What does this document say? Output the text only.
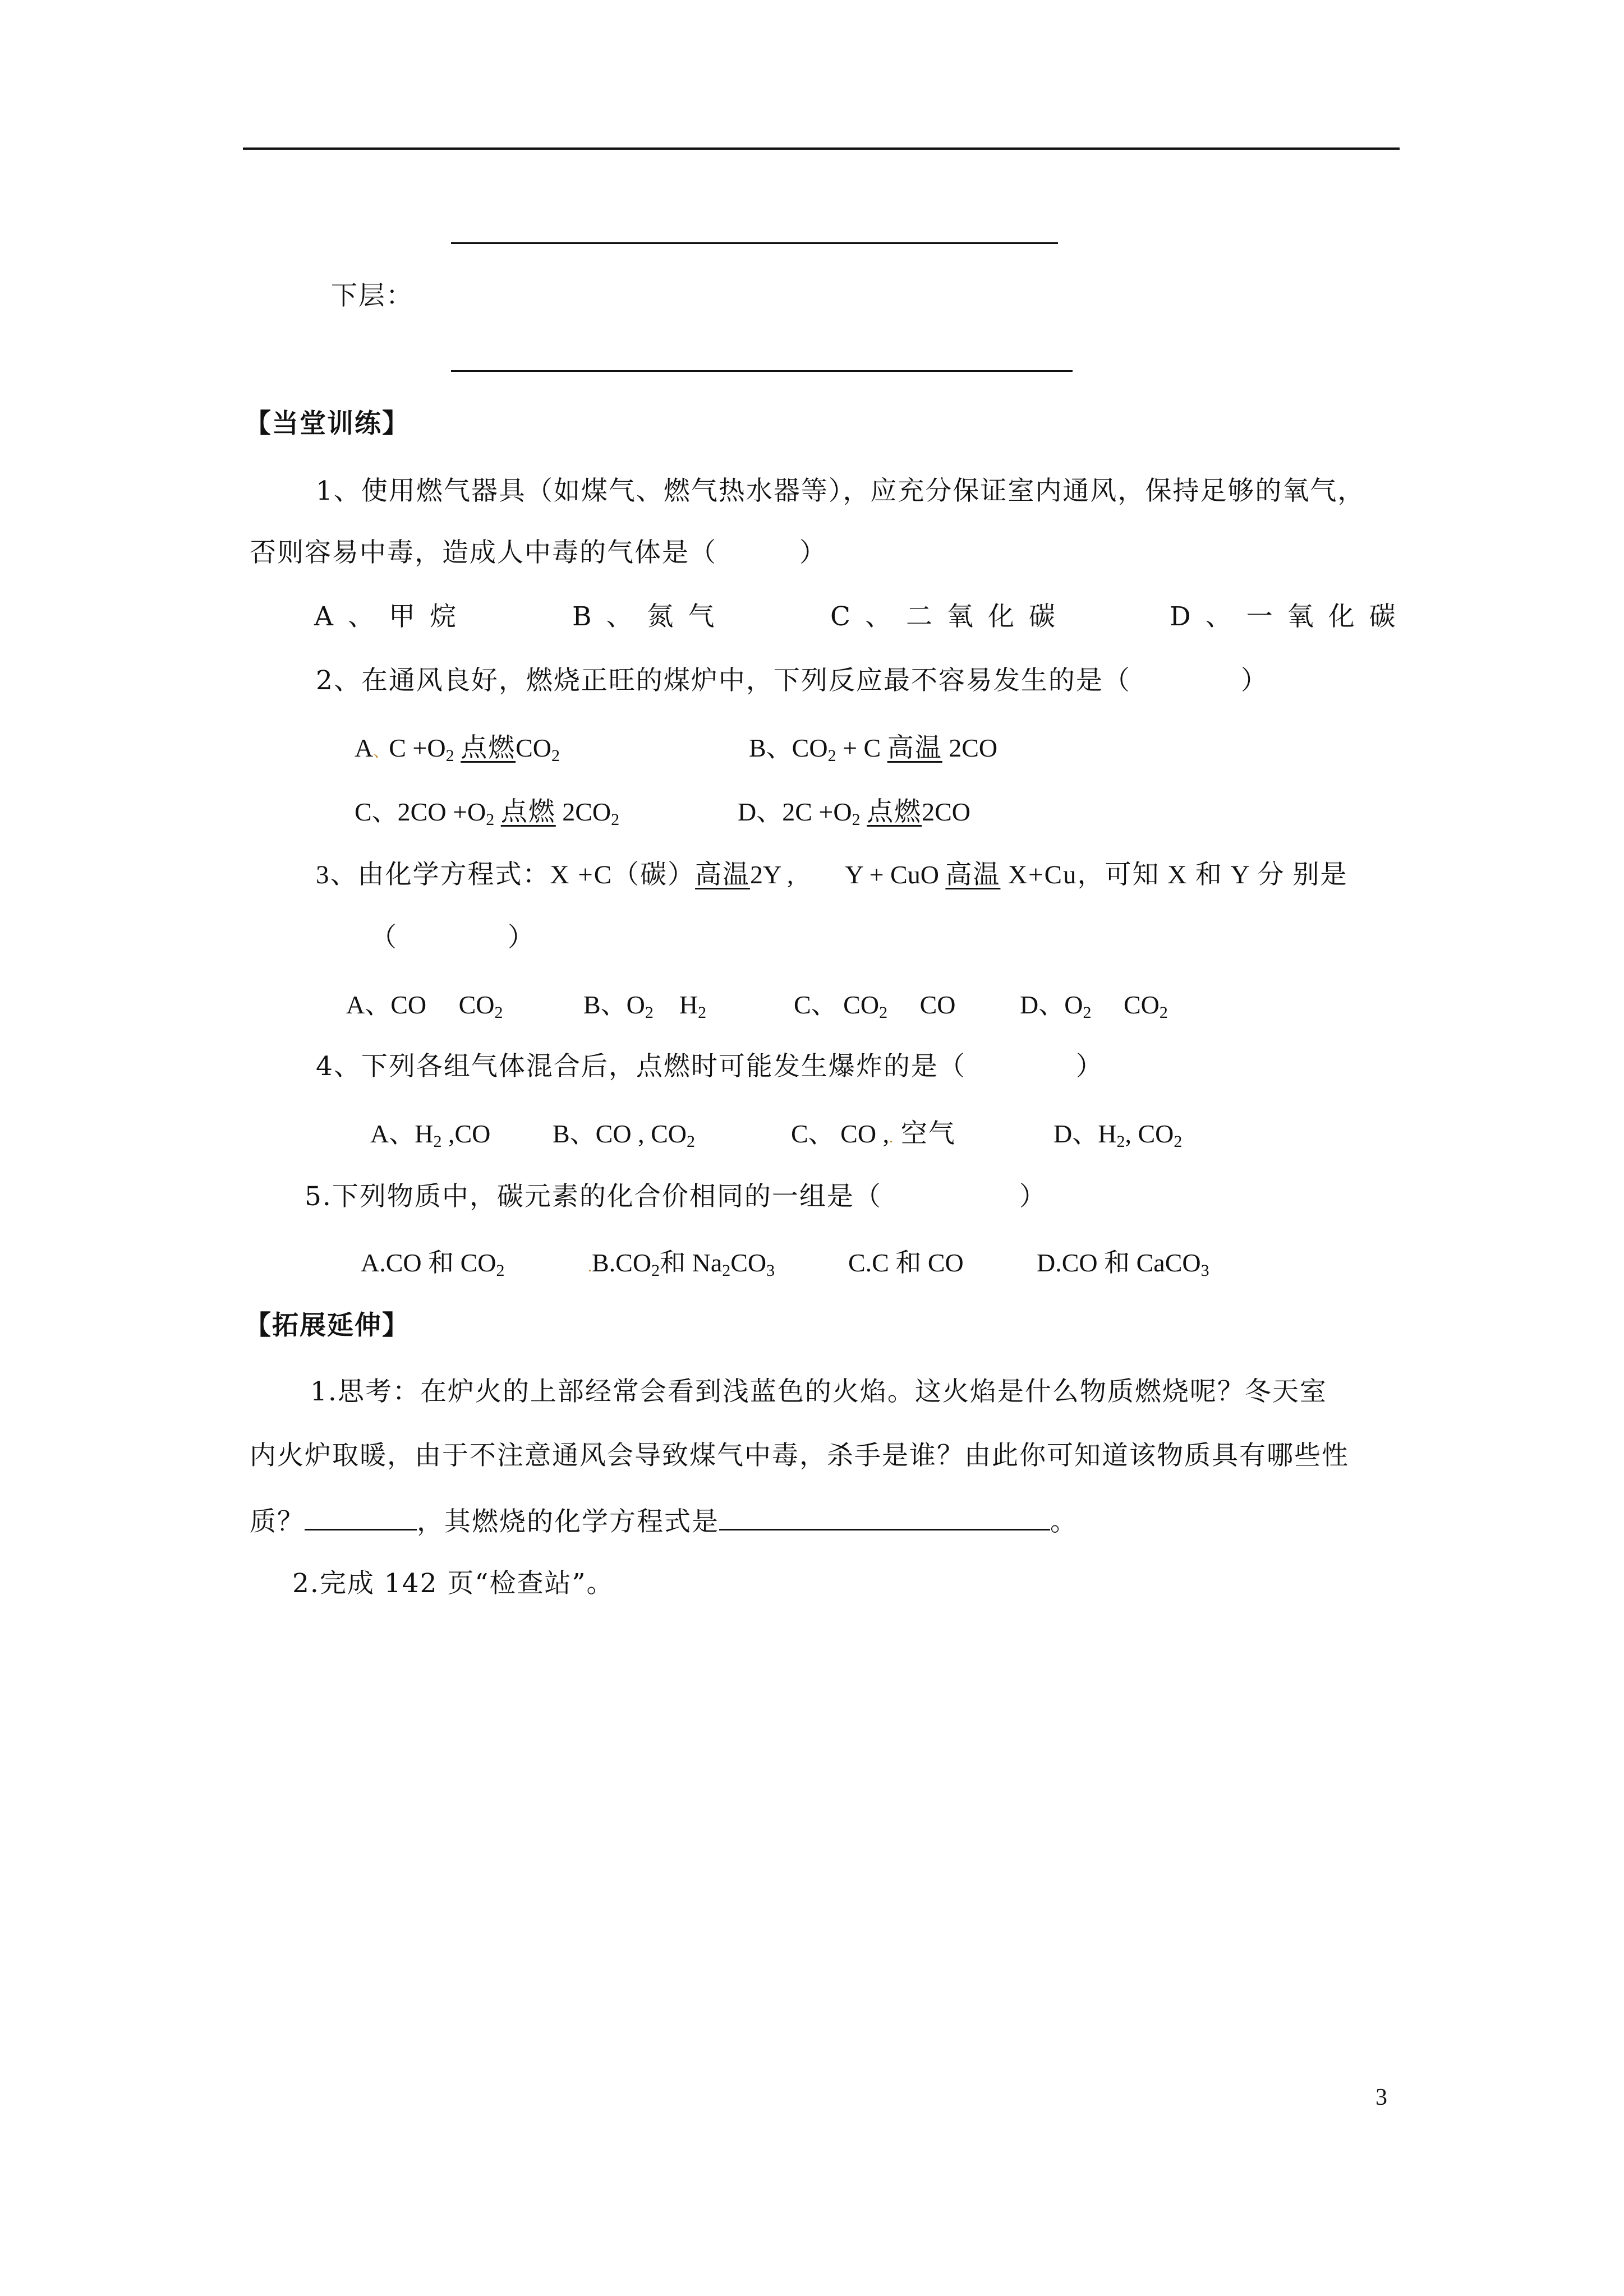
下层：
【当堂训练】
1、使用燃气器具（如煤气、燃气热水器等），应充分保证室内通风，保持足够的氧气，
否则容易中毒，造成人中毒的气体是（　　　）
A、甲烷	B、氮气	C、二氧化碳	D、一氧化碳
2、在通风良好，燃烧正旺的煤炉中，下列反应最不容易发生的是（　　　　）
A、$C +O_2$ 点燃$CO_2$	B、$CO_2 + C$ 高温 2CO
C、$2CO +O_2$ 点燃 $2CO_2$	D、$2C +O_2$ 点燃2CO
3、由化学方程式：X +C（碳）高温2Y ,　　Y + CuO 高温 X+Cu，可知 X 和 Y 分 别是
（　　　　）
A、CO　 $CO_2$	B、$O_2$　$H_2$	C、 $CO_2$　 CO D、$O_2$　 $CO_2$
4、下列各组气体混合后，点燃时可能发生爆炸的是（　　　　）
A、$H_2$ ,CO B、CO , $CO_2$	C、 CO ,. 空气	D、$H_2$, $CO_2$
5.下列物质中，碳元素的化合价相同的一组是（　　　　　）
A.CO 和 $CO_2$	$.B.CO_2$和 $Na_2CO_3$	C.C 和 CO	D.CO 和 CaCO$_3$
【拓展延伸】
1.思考：在炉火的上部经常会看到浅蓝色的火焰。这火焰是什么物质燃烧呢？冬天室
内火炉取暖，由于不注意通风会导致煤气中毒，杀手是谁？由此你可知道该物质具有哪些性
质？	，其燃烧的化学方程式是	。
2.完成 142 页“检查站”。
3
